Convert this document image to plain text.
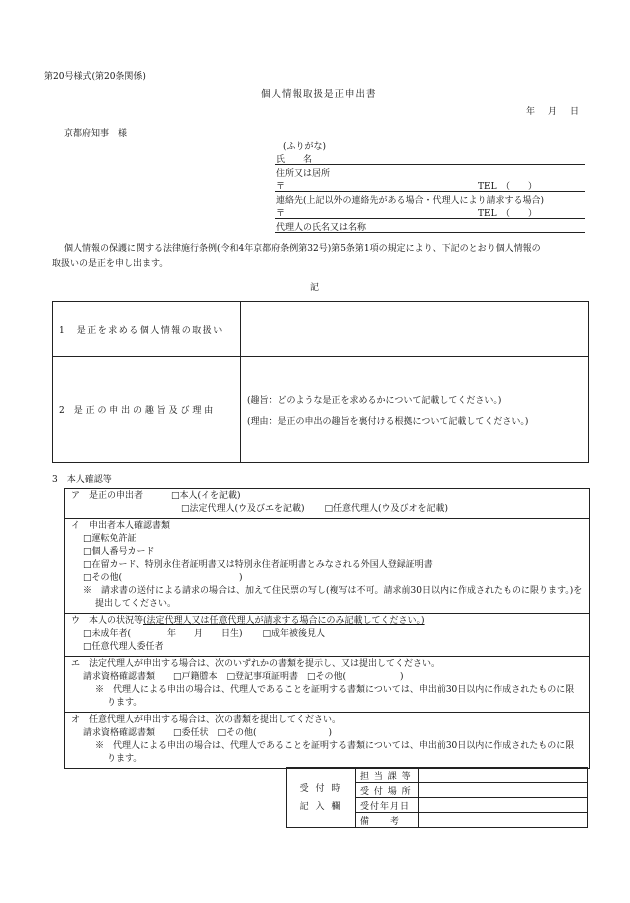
第20号様式(第20条関係)
個人情報取扱是正申出書
年　月　日
京都府知事　様
(ふりがな)
氏　　名
住所又は居所
〒	TEL　（　　）
連絡先(上記以外の連絡先がある場合・代理人により請求する場合)
〒	TEL　（　　）
代理人の氏名又は名称
個人情報の保護に関する法律施行条例(令和4年京都府条例第32号)第5条第1項の規定により、下記のとおり個人情報の
取扱いの是正を申し出ます。
記
1　是正を求める個人情報の取扱い	
2　是 正 の 申 出 の 趣 旨 及 び 理 由	(趣旨：どのような是正を求めるかについて記載してください。)
(理由：是正の申出の趣旨を裏付ける根拠について記載してください。)
3　本人確認等
ア　是正の申出者	□本人(イを記載)
□法定代理人(ウ及びエを記載) □任意代理人(ウ及びオを記載)
イ　申出者本人確認書類
□運転免許証
□個人番号カード
□在留カード、特別永住者証明書又は特別永住者証明書とみなされる外国人登録証明書
□その他(　　　　　　　　　　　　　)
※　請求書の送付による請求の場合は、加えて住民票の写し(複写は不可。請求前30日以内に作成されたものに限ります。)を提出してください。
ウ　本人の状況等(法定代理人又は任意代理人が請求する場合にのみ記載してください。)
□未成年者(　　　　年　　月　　日生) □成年被後見人
□任意代理人委任者
エ　法定代理人が申出する場合は、次のいずれかの書類を提示し、又は提出してください。
請求資格確認書類　　□戸籍謄本　□登記事項証明書　□その他(　　　　　　)
※　代理人による申出の場合は、代理人であることを証明する書類については、申出前30日以内に作成されたものに限ります。
オ　任意代理人が申出する場合は、次の書類を提出してください。
請求資格確認書類　　□委任状　□その他(　　　　　　　　)
※　代理人による申出の場合は、代理人であることを証明する書類については、申出前30日以内に作成されたものに限ります。
受 付 時
記 入 欄	担 当 課 等	
	受 付 場 所	
	受付年月日	
	備　　考	
